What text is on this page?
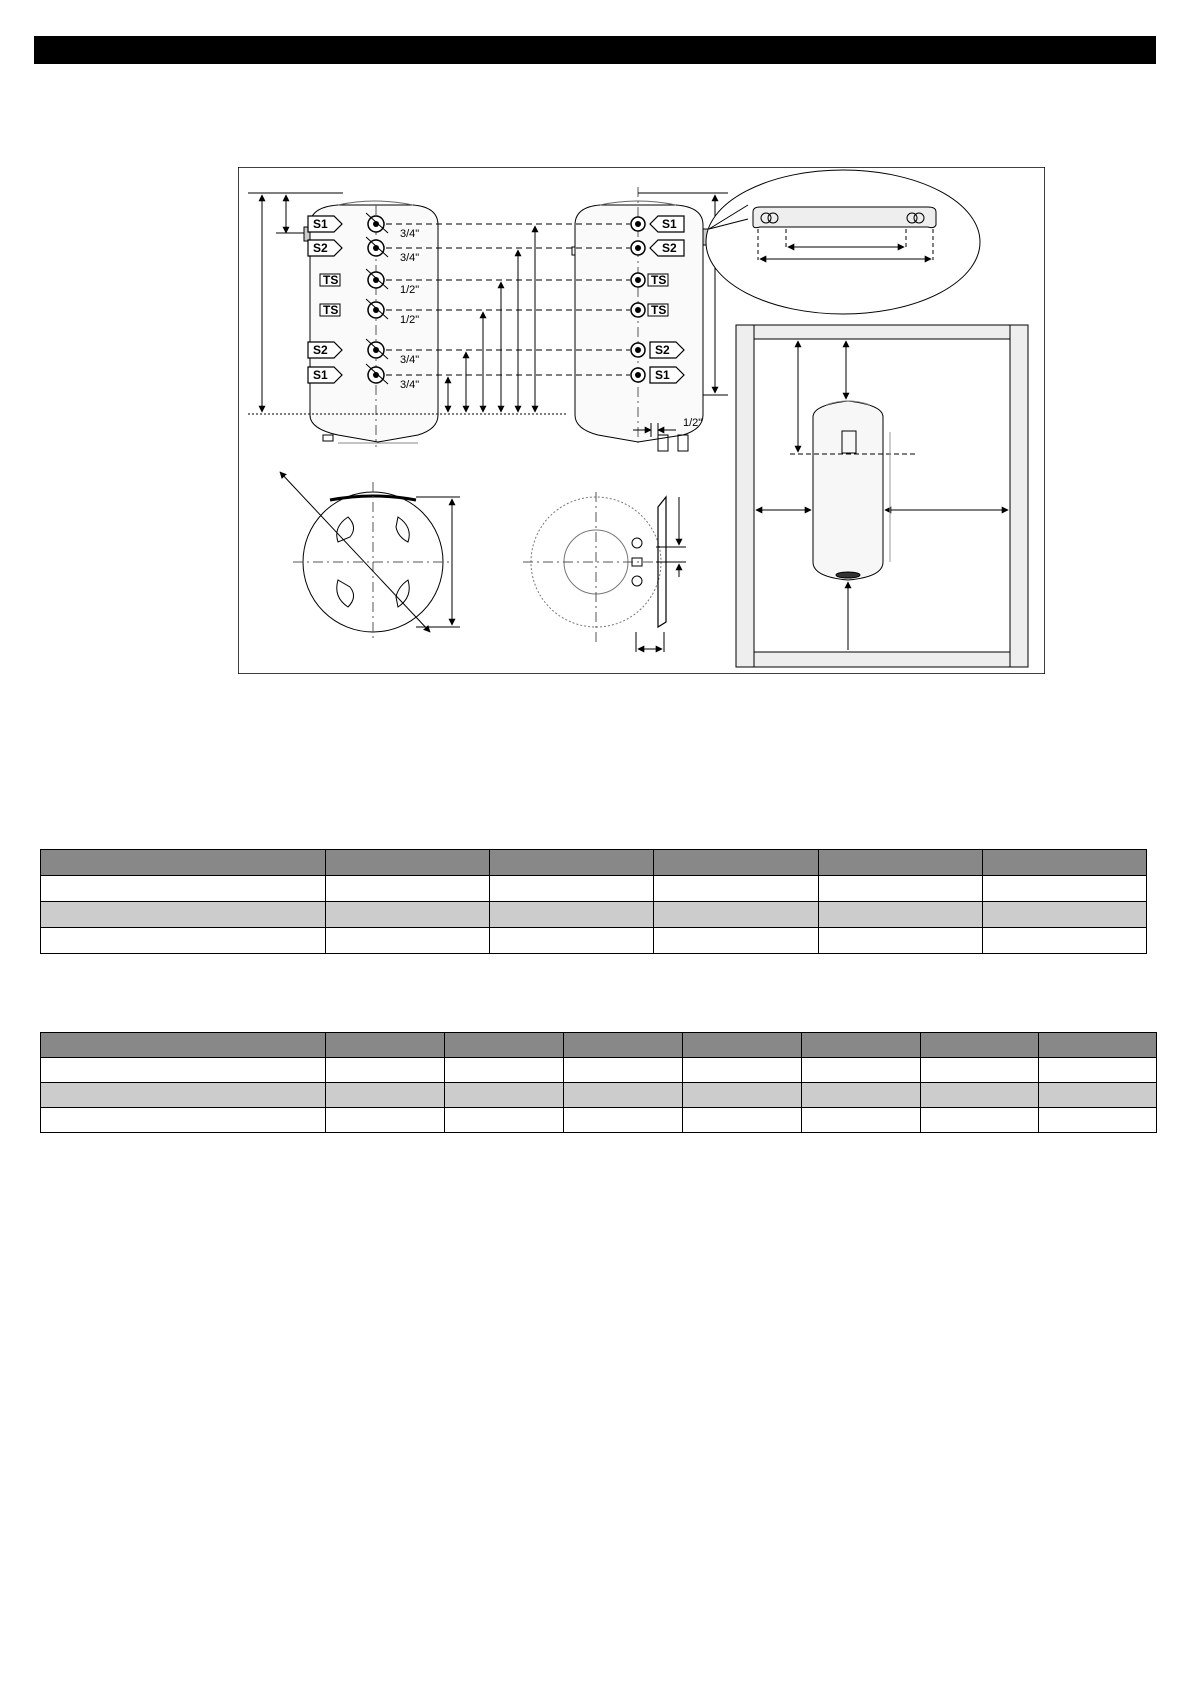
S1
3/4"
S2
3/4"
TS
1/2"
TS
1/2"
S2
3/4"
S1
3/4"
S1
S2
TS
TS
S2
S1
1/2"
